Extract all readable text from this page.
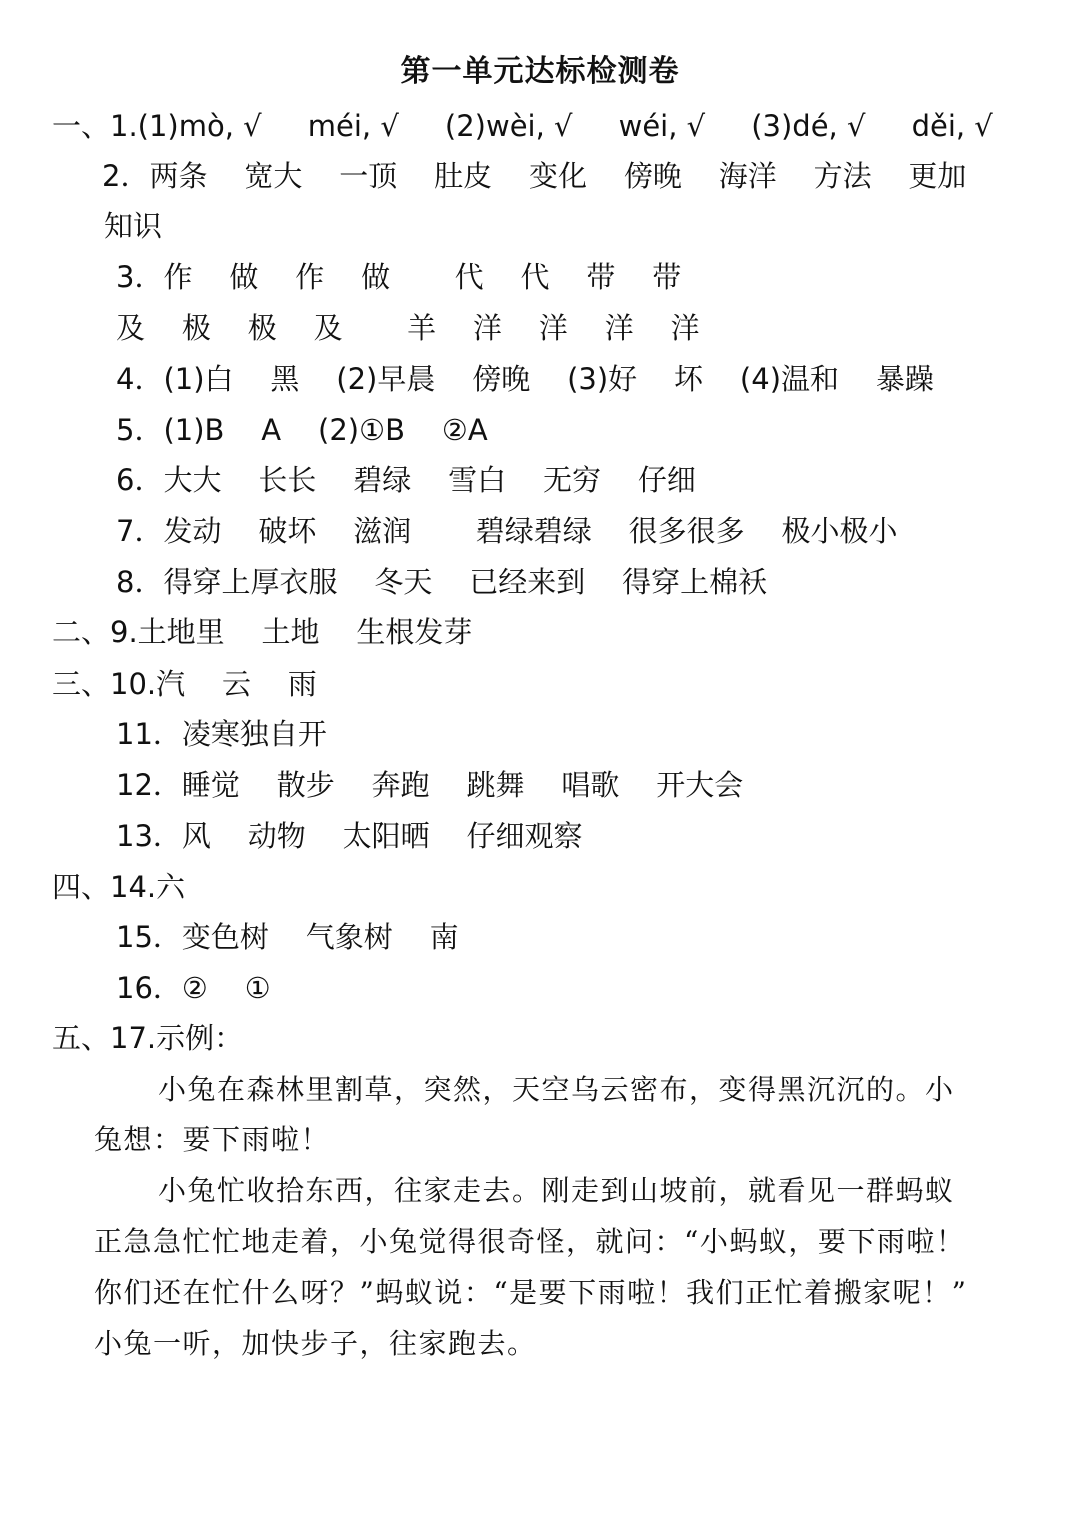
第一单元达标检测卷
一、1.(1)mò, √     méi, √     (2)wèi, √     wéi, √     (3)dé, √     děi, √
2．两条    宽大    一顶    肚皮    变化    傍晚    海洋    方法    更加
知识
3．作    做    作    做       代    代    带    带
及    极    极    及       羊    洋    洋    洋    洋
4．(1)白    黑    (2)早晨    傍晚    (3)好    坏    (4)温和    暴躁
5．(1)B    A    (2)①B    ②A
6．大大    长长    碧绿    雪白    无穷    仔细
7．发动    破坏    滋润       碧绿碧绿    很多很多    极小极小
8．得穿上厚衣服    冬天    已经来到    得穿上棉袄
二、9.土地里    土地    生根发芽
三、10.汽    云    雨
11．凌寒独自开
12．睡觉    散步    奔跑    跳舞    唱歌    开大会
13．风    动物    太阳晒    仔细观察
四、14.六
15．变色树    气象树    南
16．②    ①
五、17.示例：
小兔在森林里割草，突然，天空乌云密布，变得黑沉沉的。小
兔想：要下雨啦！
小兔忙收拾东西，往家走去。刚走到山坡前，就看见一群蚂蚁
正急急忙忙地走着，小兔觉得很奇怪，就问：“小蚂蚁，要下雨啦！
你们还在忙什么呀？”蚂蚁说：“是要下雨啦！我们正忙着搬家呢！”
小兔一听，加快步子，往家跑去。
